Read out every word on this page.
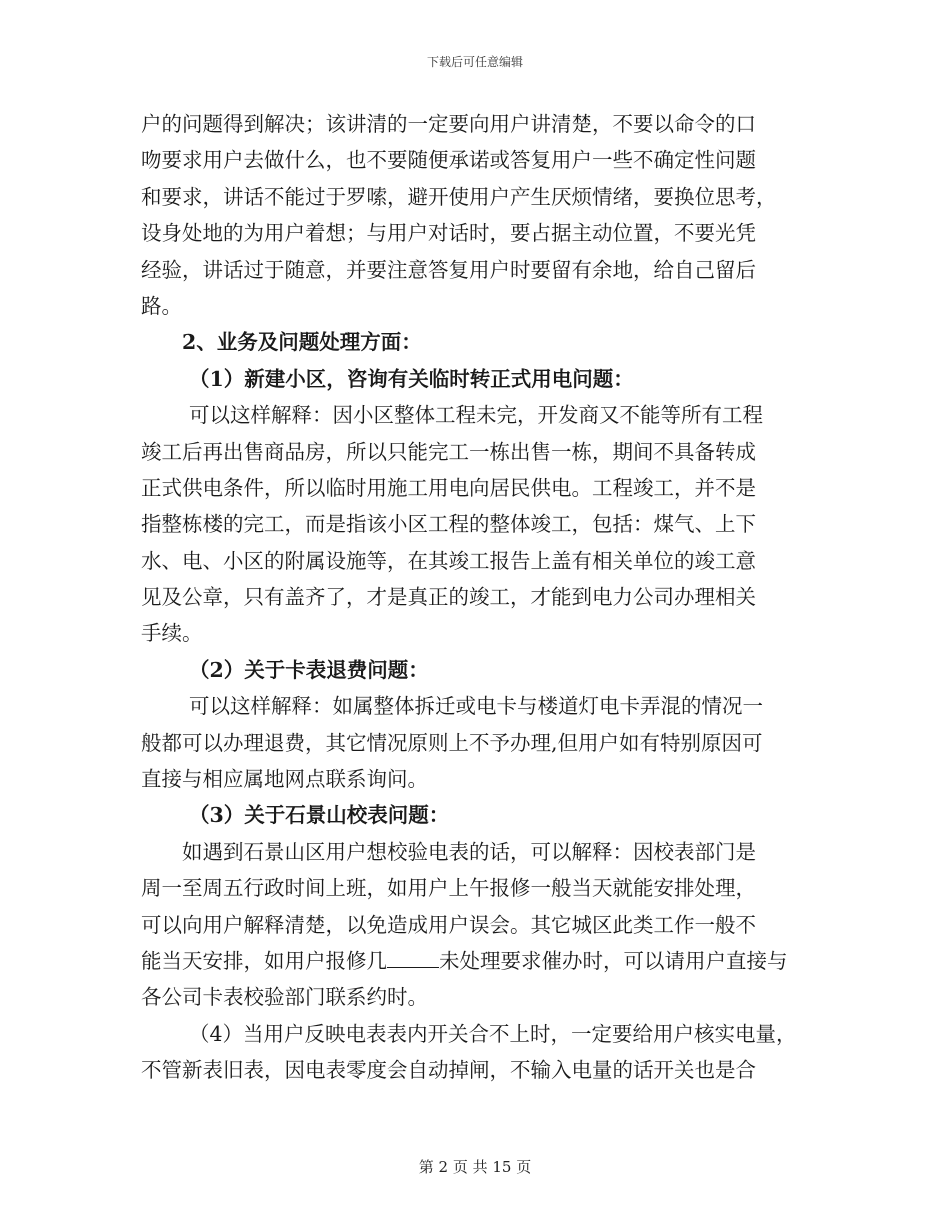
下载后可任意编辑
户的问题得到解决；该讲清的一定要向用户讲清楚，不要以命令的口
吻要求用户去做什么，也不要随便承诺或答复用户一些不确定性问题
和要求，讲话不能过于罗嗦，避开使用户产生厌烦情绪，要换位思考，
设身处地的为用户着想；与用户对话时，要占据主动位置，不要光凭
经验，讲话过于随意，并要注意答复用户时要留有余地，给自己留后
路。
2、业务及问题处理方面：
（1）新建小区，咨询有关临时转正式用电问题：
可以这样解释：因小区整体工程未完，开发商又不能等所有工程
竣工后再出售商品房，所以只能完工一栋出售一栋，期间不具备转成
正式供电条件，所以临时用施工用电向居民供电。工程竣工，并不是
指整栋楼的完工，而是指该小区工程的整体竣工，包括：煤气、上下
水、电、小区的附属设施等，在其竣工报告上盖有相关单位的竣工意
见及公章，只有盖齐了，才是真正的竣工，才能到电力公司办理相关
手续。
（2）关于卡表退费问题：
可以这样解释：如属整体拆迁或电卡与楼道灯电卡弄混的情况一
般都可以办理退费，其它情况原则上不予办理,但用户如有特别原因可
直接与相应属地网点联系询问。
（3）关于石景山校表问题：
如遇到石景山区用户想校验电表的话，可以解释：因校表部门是
周一至周五行政时间上班，如用户上午报修一般当天就能安排处理，
可以向用户解释清楚，以免造成用户误会。其它城区此类工作一般不
能当天安排，如用户报修几	未处理要求催办时，可以请用户直接与
各公司卡表校验部门联系约时。
（4）当用户反映电表表内开关合不上时，一定要给用户核实电量，
不管新表旧表，因电表零度会自动掉闸，不输入电量的话开关也是合
第 2 页 共 15 页
